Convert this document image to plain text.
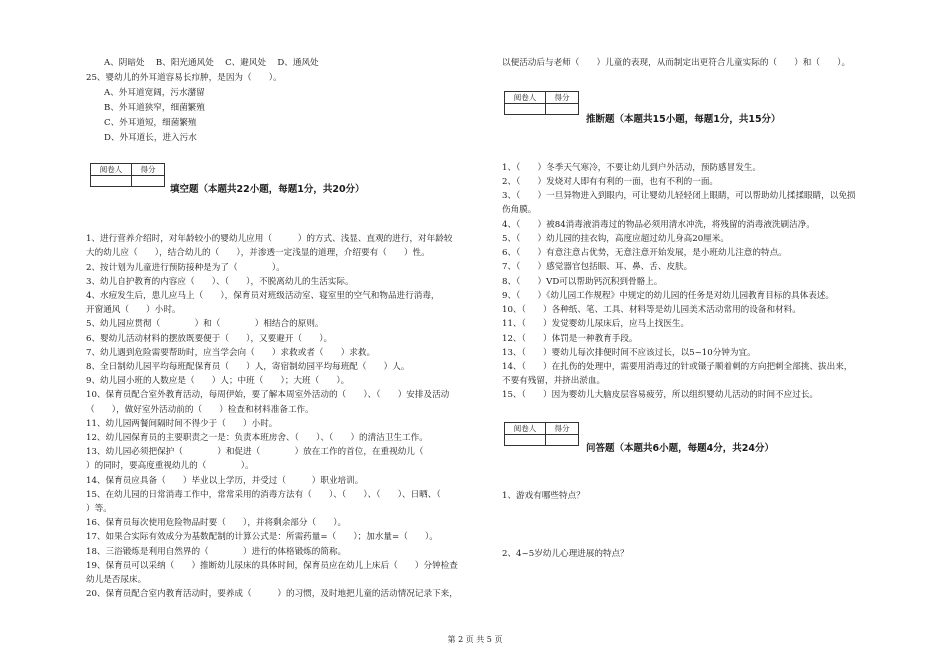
A、阴暗处　 B、阳光通风处　 C、避风处　 D、通风处
25、婴幼儿的外耳道容易长疖肿，是因为（　　）。
A、外耳道宽阔，污水潴留
B、外耳道狭窄，细菌繁殖
C、外耳道短，细菌繁殖
D、外耳道长，进入污水
阅卷人	得分

填空题（本题共22小题，每题1分，共20分）
1、进行营养介绍时，对年龄较小的婴幼儿应用（　　　）的方式、浅显、直观的进行，对年龄较
大的幼儿应（　　），结合幼儿的（　　），并渗透一定浅显的道理，介绍要有（　　）性。
2、按计划为儿童进行预防接种是为了（　　　　）。
3、幼儿自护教育的内容应（　　）、（　　），不脱离幼儿的生活实际。
4、水痘发生后，患儿应马上（　　），保育员对班级活动室、寝室里的空气和物品进行消毒，
开窗通风（　　）小时。
5、幼儿园应贯彻（　　　　）和（　　　　）相结合的原则。
6、婴幼儿活动材料的摆放既要便于（　　），又要避开（　　）。
7、幼儿遇到危险需要帮助时，应当学会向（　　）求救或者（　　）求救。
8、全日制幼儿园平均每班配保育员（　　）人，寄宿制幼园平均每班配（　　）人。
9、幼儿园小班的人数应是（　　）人；中班（　　）；大班（　　）。
10、保育员配合室外教育活动，每周伊始，要了解本周室外活动的（　　）、（　　）安排及活动
（　　），做好室外活动前的（　　）检查和材料准备工作。
11、幼儿园两餐间隔时间不得少于（　　）小时。
12、幼儿园保育员的主要职责之一是：负责本班房舍、（　　）、（　　）的清洁卫生工作。
13、幼儿园必须把保护（　　　　）和促进（　　　　）放在工作的首位，在重视幼儿（
）的同时，要高度重视幼儿的（　　　　）。
14、保育员应具备（　　）毕业以上学历，并受过（　　　）职业培训。
15、在幼儿园的日常消毒工作中，常常采用的消毒方法有（　　）、（　　）、（　　）、日晒、（
）等。
16、保育员每次使用危险物品时要（　　），并将剩余部分（　　）。
17、如果合实际有效成分为基数配制的计算公式是：所需药量=（　　）；加水量=（　　）。
18、三浴锻炼是利用自然界的（　　　　）进行的体格锻炼的简称。
19、保育员可以采纳（　　）推断幼儿尿床的具体时间，保育员应在幼儿上床后（　　）分钟检查
幼儿是否尿床。
20、保育员配合室内教育活动时，要养成（　　　）的习惯，及时地把儿童的活动情况记录下来，
以便活动后与老师（　　）儿童的表现，从而制定出更符合儿童实际的（　　）和（　　）。
阅卷人	得分

推断题（本题共15小题，每题1分，共15分）
1、（　　）冬季天气寒冷，不要让幼儿到户外活动，预防感冒发生。
2、（　　）发烧对人即有有利的一面，也有不利的一面。
3、（　　）一旦异物进入到眼内，可让婴幼儿轻轻闭上眼睛，可以帮助幼儿揉揉眼睛，以免损
伤角膜。
4、（　　）被84消毒液消毒过的物品必须用清水冲洗，将残留的消毒液洗刷洁净。
5、（　　）幼儿园的挂衣钩，高度应超过幼儿身高20厘米。
6、（　　）有意注意占优势，无意注意开始发展，是小班幼儿注意的特点。
7、（　　）感觉器官包括眼、耳、鼻、舌、皮肤。
8、（　　）VD可以帮助钙沉积到骨骼上。
9、（　　）《幼儿园工作规程》中规定的幼儿园的任务是对幼儿园教育目标的具体表述。
10、（　　）各种纸、笔、工具、材料等是幼儿园美术活动常用的设备和材料。
11、（　　）发觉婴幼儿尿床后，应马上找医生。
12、（　　）体罚是一种教育手段。
13、（　　）婴幼儿每次排便时间不应该过长，以5~10分钟为宜。
14、（　　）在扎伤的处理中，需要用消毒过的针或镊子顺着刺的方向把刺全部挑、拔出来，
不要有残留，并挤出淤血。
15、（　　）因为婴幼儿大脑皮层容易疲劳，所以组织婴幼儿活动的时间不应过长。
阅卷人	得分

问答题（本题共6小题，每题4分，共24分）
1、游戏有哪些特点？
2、4~5岁幼儿心理进展的特点？
第 2 页 共 5 页
